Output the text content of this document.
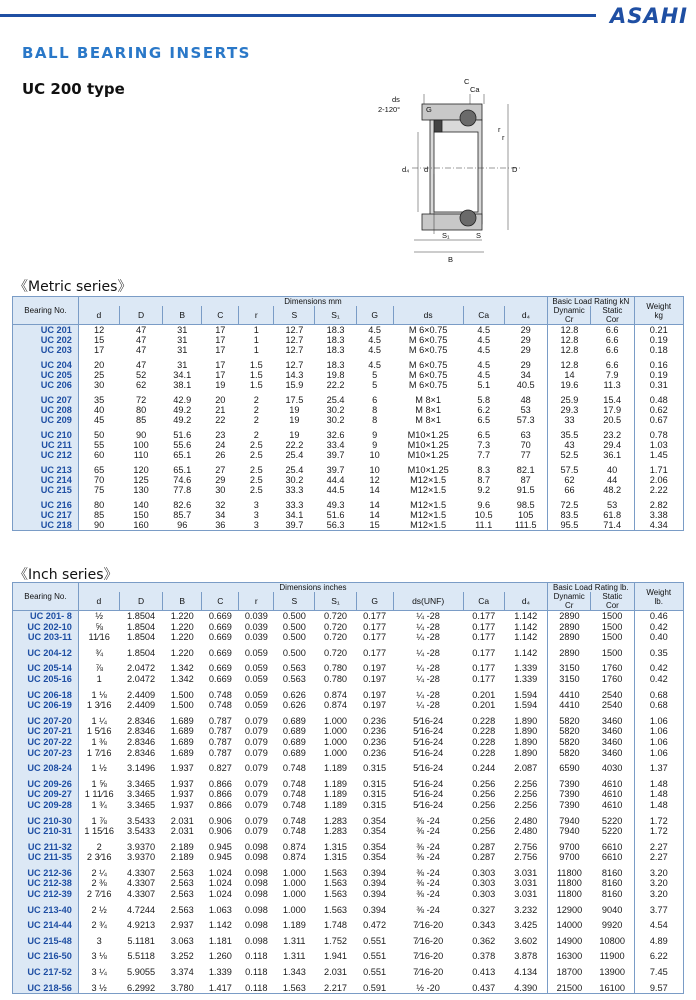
ASAHI
BALL BEARING INSERTS
UC 200 type	C
Ca
ds
2-120°	G
r
r
d₄ d	D
S₁	S
B
《Metric series》
Bearing No.	Dimensions mm											Basic Load Rating kN		Weight
kg

	d	D	B	C	r	S	S₁	G	ds	Ca	d₄	Dynamic	Static	
												Cr	Cor	
UC 201	12	47	31	17	1	12.7	18.3	4.5	M 6×0.75	4.5	29	12.8	6.6	0.21
UC 202	15	47	31	17	1	12.7	18.3	4.5	M 6×0.75	4.5	29	12.8	6.6	0.19
UC 203	17	47	31	17	1	12.7	18.3	4.5	M 6×0.75	4.5	29	12.8	6.6	0.18

UC 204	20	47	31	17	1.5	12.7	18.3	4.5	M 6×0.75	4.5	29	12.8	6.6	0.16
UC 205	25	52	34.1	17	1.5	14.3	19.8	5	M 6×0.75	4.5	34	14	7.9	0.19
UC 206	30	62	38.1	19	1.5	15.9	22.2	5	M 6×0.75	5.1	40.5	19.6	11.3	0.31

UC 207	35	72	42.9	20	2	17.5	25.4	6	M 8×1	5.8	48	25.9	15.4	0.48
UC 208	40	80	49.2	21	2	19	30.2	8	M 8×1	6.2	53	29.3	17.9	0.62
UC 209	45	85	49.2	22	2	19	30.2	8	M 8×1	6.5	57.3	33	20.5	0.67

UC 210	50	90	51.6	23	2	19	32.6	9	M10×1.25	6.5	63	35.5	23.2	0.78
UC 211	55	100	55.6	24	2.5	22.2	33.4	9	M10×1.25	7.3	70	43	29.4	1.03
UC 212	60	110	65.1	26	2.5	25.4	39.7	10	M10×1.25	7.7	77	52.5	36.1	1.45

UC 213	65	120	65.1	27	2.5	25.4	39.7	10	M10×1.25	8.3	82.1	57.5	40	1.71
UC 214	70	125	74.6	29	2.5	30.2	44.4	12	M12×1.5	8.7	87	62	44	2.06
UC 215	75	130	77.8	30	2.5	33.3	44.5	14	M12×1.5	9.2	91.5	66	48.2	2.22

UC 216	80	140	82.6	32	3	33.3	49.3	14	M12×1.5	9.6	98.5	72.5	53	2.82
UC 217	85	150	85.7	34	3	34.1	51.6	14	M12×1.5	10.5	105	83.5	61.8	3.38
UC 218	90	160	96	36	3	39.7	56.3	15	M12×1.5	11.1	111.5	95.5	71.4	4.34
《Inch series》
Bearing No.	Dimensions inches											Basic Load Rating lb.		Weight
lb.

	d	D	B	C	r	S	S₁	G	ds(UNF)	Ca	d₄	Dynamic	Static	
												Cr	Cor	
UC 201- 8	½	1.8504	1.220	0.669	0.039	0.500	0.720	0.177	¼ -28	0.177	1.142	2890	1500	0.46
UC 202-10	⅝	1.8504	1.220	0.669	0.039	0.500	0.720	0.177	¼ -28	0.177	1.142	2890	1500	0.42
UC 203-11	11⁄16	1.8504	1.220	0.669	0.039	0.500	0.720	0.177	¼ -28	0.177	1.142	2890	1500	0.40

UC 204-12	¾	1.8504	1.220	0.669	0.059	0.500	0.720	0.177	¼ -28	0.177	1.142	2890	1500	0.35

UC 205-14	⅞	2.0472	1.342	0.669	0.059	0.563	0.780	0.197	¼ -28	0.177	1.339	3150	1760	0.42
UC 205-16	1	2.0472	1.342	0.669	0.059	0.563	0.780	0.197	¼ -28	0.177	1.339	3150	1760	0.42

UC 206-18	1 ⅛	2.4409	1.500	0.748	0.059	0.626	0.874	0.197	¼ -28	0.201	1.594	4410	2540	0.68
UC 206-19	1 3⁄16	2.4409	1.500	0.748	0.059	0.626	0.874	0.197	¼ -28	0.201	1.594	4410	2540	0.68

UC 207-20	1 ¼	2.8346	1.689	0.787	0.079	0.689	1.000	0.236	5⁄16-24	0.228	1.890	5820	3460	1.06
UC 207-21	1 5⁄16	2.8346	1.689	0.787	0.079	0.689	1.000	0.236	5⁄16-24	0.228	1.890	5820	3460	1.06
UC 207-22	1 ⅜	2.8346	1.689	0.787	0.079	0.689	1.000	0.236	5⁄16-24	0.228	1.890	5820	3460	1.06
UC 207-23	1 7⁄16	2.8346	1.689	0.787	0.079	0.689	1.000	0.236	5⁄16-24	0.228	1.890	5820	3460	1.06

UC 208-24	1 ½	3.1496	1.937	0.827	0.079	0.748	1.189	0.315	5⁄16-24	0.244	2.087	6590	4030	1.37

UC 209-26	1 ⅝	3.3465	1.937	0.866	0.079	0.748	1.189	0.315	5⁄16-24	0.256	2.256	7390	4610	1.48
UC 209-27	1 11⁄16	3.3465	1.937	0.866	0.079	0.748	1.189	0.315	5⁄16-24	0.256	2.256	7390	4610	1.48
UC 209-28	1 ¾	3.3465	1.937	0.866	0.079	0.748	1.189	0.315	5⁄16-24	0.256	2.256	7390	4610	1.48

UC 210-30	1 ⅞	3.5433	2.031	0.906	0.079	0.748	1.283	0.354	⅜ -24	0.256	2.480	7940	5220	1.72
UC 210-31	1 15⁄16	3.5433	2.031	0.906	0.079	0.748	1.283	0.354	⅜ -24	0.256	2.480	7940	5220	1.72

UC 211-32	2	3.9370	2.189	0.945	0.098	0.874	1.315	0.354	⅜ -24	0.287	2.756	9700	6610	2.27
UC 211-35	2 3⁄16	3.9370	2.189	0.945	0.098	0.874	1.315	0.354	⅜ -24	0.287	2.756	9700	6610	2.27

UC 212-36	2 ¼	4.3307	2.563	1.024	0.098	1.000	1.563	0.394	⅜ -24	0.303	3.031	11800	8160	3.20
UC 212-38	2 ⅜	4.3307	2.563	1.024	0.098	1.000	1.563	0.394	⅜ -24	0.303	3.031	11800	8160	3.20
UC 212-39	2 7⁄16	4.3307	2.563	1.024	0.098	1.000	1.563	0.394	⅜ -24	0.303	3.031	11800	8160	3.20

UC 213-40	2 ½	4.7244	2.563	1.063	0.098	1.000	1.563	0.394	⅜ -24	0.327	3.232	12900	9040	3.77

UC 214-44	2 ¾	4.9213	2.937	1.142	0.098	1.189	1.748	0.472	7⁄16-20	0.343	3.425	14000	9920	4.54

UC 215-48	3	5.1181	3.063	1.181	0.098	1.311	1.752	0.551	7⁄16-20	0.362	3.602	14900	10800	4.89

UC 216-50	3 ⅛	5.5118	3.252	1.260	0.118	1.311	1.941	0.551	7⁄16-20	0.378	3.878	16300	11900	6.22

UC 217-52	3 ¼	5.9055	3.374	1.339	0.118	1.343	2.031	0.551	7⁄16-20	0.413	4.134	18700	13900	7.45

UC 218-56	3 ½	6.2992	3.780	1.417	0.118	1.563	2.217	0.591	½ -20	0.437	4.390	21500	16100	9.57
